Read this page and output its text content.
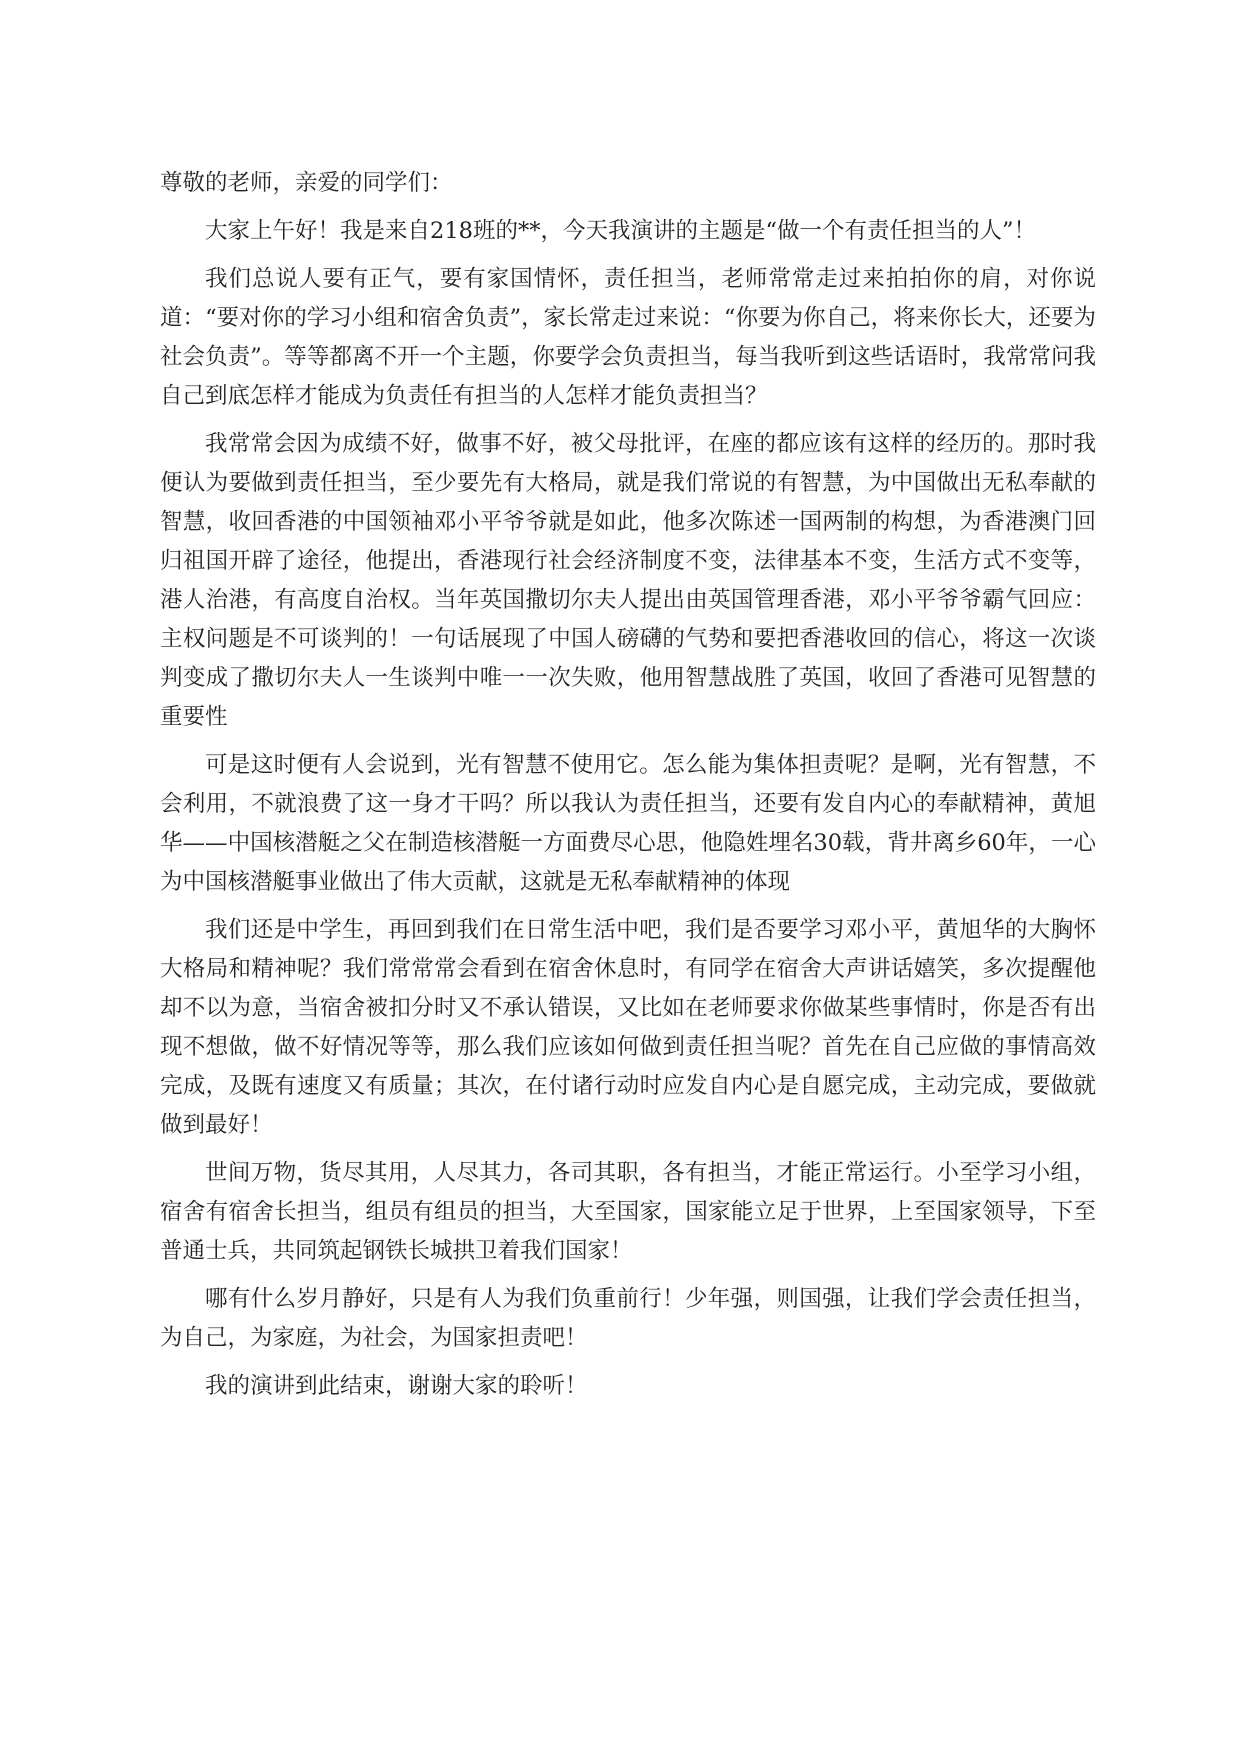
尊敬的老师，亲爱的同学们：

大家上午好！我是来自218班的**，今天我演讲的主题是“做一个有责任担当的人”！

我们总说人要有正气，要有家国情怀，责任担当，老师常常走过来拍拍你的肩，对你说道：“要对你的学习小组和宿舍负责”，家长常走过来说：“你要为你自己，将来你长大，还要为社会负责”。等等都离不开一个主题，你要学会负责担当，每当我听到这些话语时，我常常问我自己到底怎样才能成为负责任有担当的人怎样才能负责担当？

我常常会因为成绩不好，做事不好，被父母批评，在座的都应该有这样的经历的。那时我便认为要做到责任担当，至少要先有大格局，就是我们常说的有智慧，为中国做出无私奉献的智慧，收回香港的中国领袖邓小平爷爷就是如此，他多次陈述一国两制的构想，为香港澳门回归祖国开辟了途径，他提出，香港现行社会经济制度不变，法律基本不变，生活方式不变等，港人治港，有高度自治权。当年英国撒切尔夫人提出由英国管理香港，邓小平爷爷霸气回应：主权问题是不可谈判的！一句话展现了中国人磅礴的气势和要把香港收回的信心，将这一次谈判变成了撒切尔夫人一生谈判中唯一一次失败，他用智慧战胜了英国，收回了香港可见智慧的重要性

可是这时便有人会说到，光有智慧不使用它。怎么能为集体担责呢？是啊，光有智慧，不会利用，不就浪费了这一身才干吗？所以我认为责任担当，还要有发自内心的奉献精神，黄旭华——中国核潜艇之父在制造核潜艇一方面费尽心思，他隐姓埋名30载，背井离乡60年，一心为中国核潜艇事业做出了伟大贡献，这就是无私奉献精神的体现

我们还是中学生，再回到我们在日常生活中吧，我们是否要学习邓小平，黄旭华的大胸怀大格局和精神呢？我们常常常会看到在宿舍休息时，有同学在宿舍大声讲话嬉笑，多次提醒他却不以为意，当宿舍被扣分时又不承认错误，又比如在老师要求你做某些事情时，你是否有出现不想做，做不好情况等等，那么我们应该如何做到责任担当呢？首先在自己应做的事情高效完成，及既有速度又有质量；其次，在付诸行动时应发自内心是自愿完成，主动完成，要做就做到最好！

世间万物，货尽其用，人尽其力，各司其职，各有担当，才能正常运行。小至学习小组，宿舍有宿舍长担当，组员有组员的担当，大至国家，国家能立足于世界，上至国家领导，下至普通士兵，共同筑起钢铁长城拱卫着我们国家！

哪有什么岁月静好，只是有人为我们负重前行！少年强，则国强，让我们学会责任担当，为自己，为家庭，为社会，为国家担责吧！

我的演讲到此结束，谢谢大家的聆听！
